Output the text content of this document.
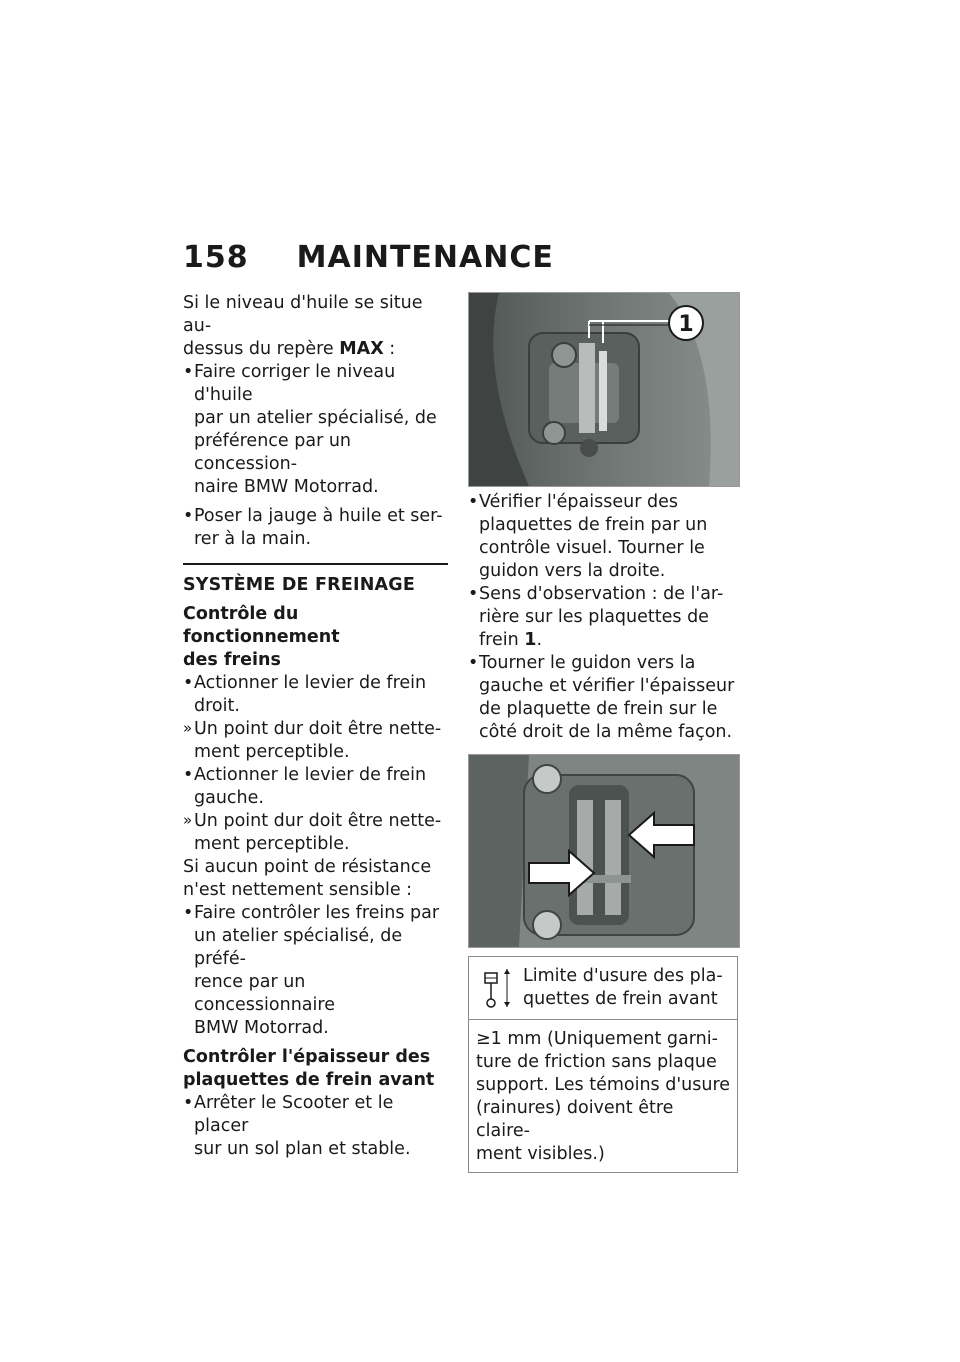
158 MAINTENANCE

Si le niveau d'huile se situe au-
dessus du repère MAX :

• Faire corriger le niveau d'huile
par un atelier spécialisé, de
préférence par un concession-
naire BMW Motorrad.
• Poser la jauge à huile et ser-
rer à la main.

SYSTÈME DE FREINAGE

Contrôle du fonctionnement
des freins

• Actionner le levier de frein
droit.
» Un point dur doit être nette-
ment perceptible.
• Actionner le levier de frein
gauche.
» Un point dur doit être nette-
ment perceptible.

Si aucun point de résistance
n'est nettement sensible :

• Faire contrôler les freins par
un atelier spécialisé, de préfé-
rence par un concessionnaire
BMW Motorrad.

Contrôler l'épaisseur des
plaquettes de frein avant

• Arrêter le Scooter et le placer
sur un sol plan et stable.
1
• Vérifier l'épaisseur des
plaquettes de frein par un
contrôle visuel. Tourner le
guidon vers la droite.
• Sens d'observation : de l'ar-
rière sur les plaquettes de
frein 1.
• Tourner le guidon vers la
gauche et vérifier l'épaisseur
de plaquette de frein sur le
côté droit de la même façon.
Limite d'usure des pla-
quettes de frein avant
≥1 mm (Uniquement garni-
ture de friction sans plaque
support. Les témoins d'usure
(rainures) doivent être claire-
ment visibles.)
